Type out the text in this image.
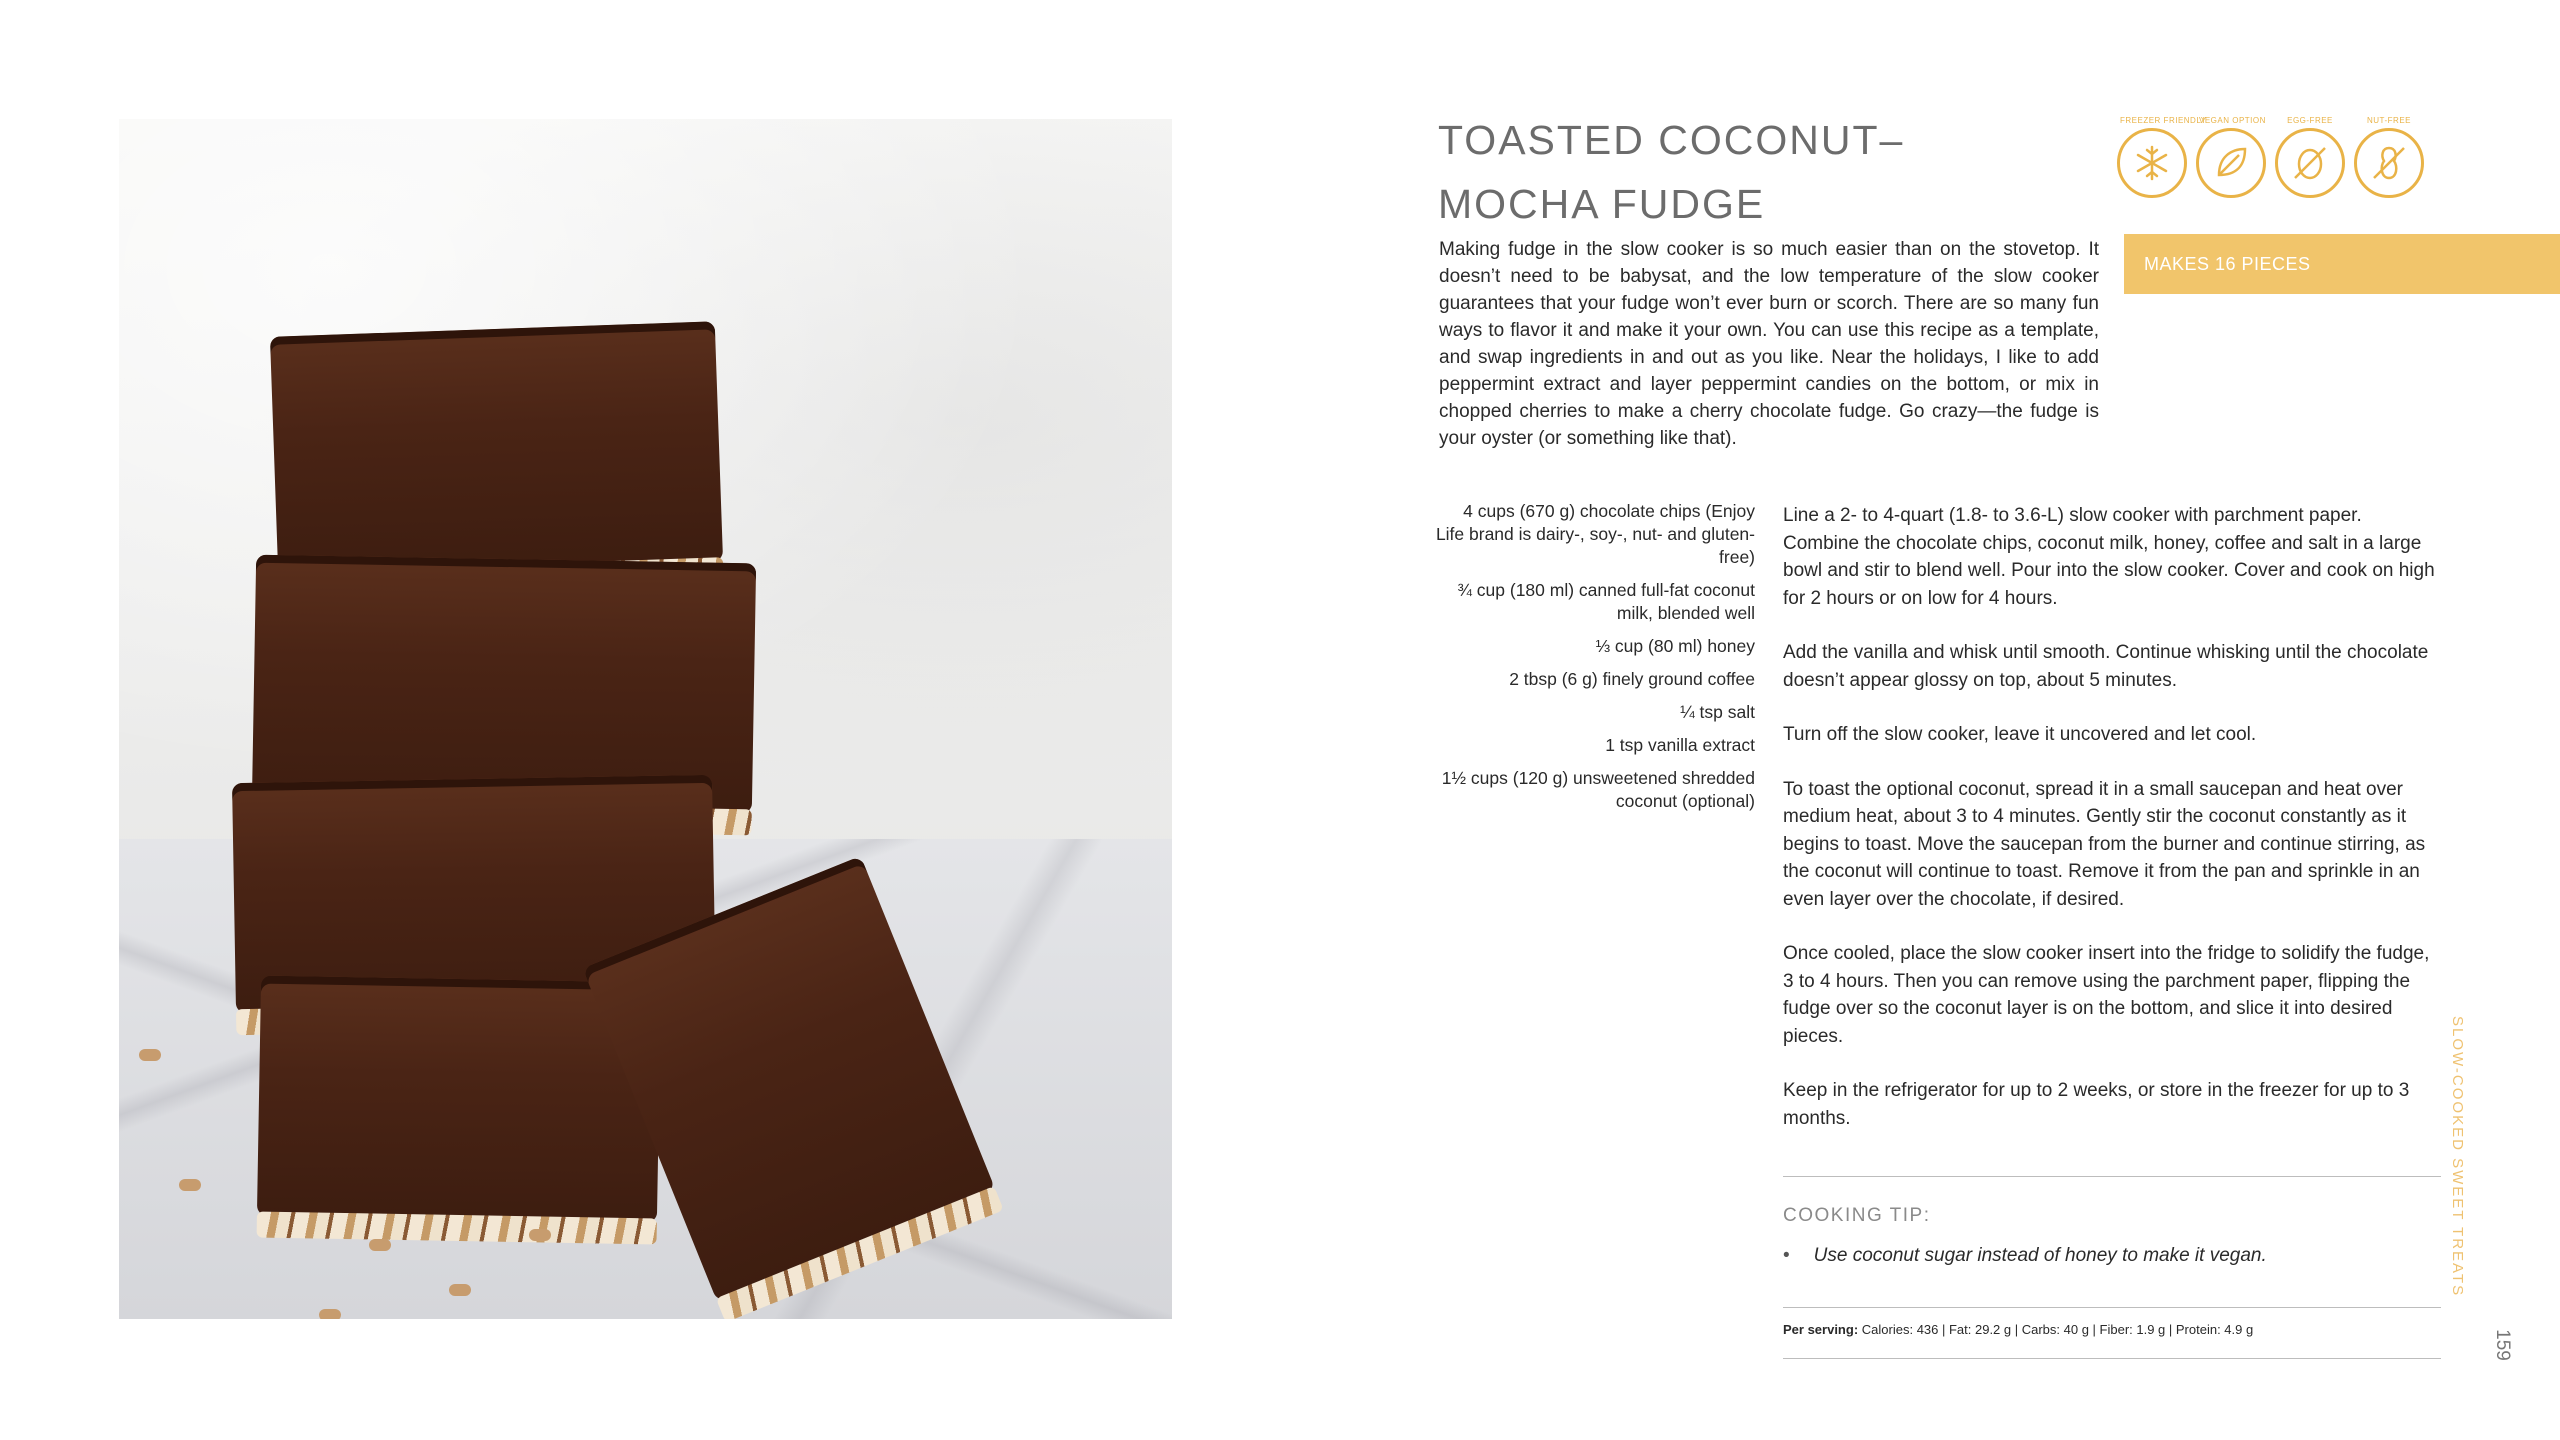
TOASTED COCONUT–
MOCHA FUDGE
FREEZER FRIENDLY
VEGAN OPTION	EGG-FREE	NUT-FREE
MAKES 16 PIECES

Making fudge in the slow cooker is so much easier than on the stovetop. It doesn’t need to be babysat, and the low temperature of the slow cooker guarantees that your fudge won’t ever burn or scorch. There are so many fun ways to flavor it and make it your own. You can use this recipe as a template, and swap ingredients in and out as you like. Near the holidays, I like to add peppermint extract and layer peppermint candies on the bottom, or mix in chopped cherries to make a cherry chocolate fudge. Go crazy—the fudge is your oyster (or something like that).

4 cups (670 g) chocolate chips (Enjoy Life brand is dairy-, soy-, nut- and gluten-free)
¾ cup (180 ml) canned full-fat coconut milk, blended well
⅓ cup (80 ml) honey
2 tbsp (6 g) finely ground coffee
¼ tsp salt
1 tsp vanilla extract
1½ cups (120 g) unsweetened shredded coconut (optional)

Line a 2- to 4-quart (1.8- to 3.6-L) slow cooker with parchment paper. Combine the chocolate chips, coconut milk, honey, coffee and salt in a large bowl and stir to blend well. Pour into the slow cooker. Cover and cook on high for 2 hours or on low for 4 hours.

Add the vanilla and whisk until smooth. Continue whisking until the chocolate doesn’t appear glossy on top, about 5 minutes.

Turn off the slow cooker, leave it uncovered and let cool.

To toast the optional coconut, spread it in a small saucepan and heat over medium heat, about 3 to 4 minutes. Gently stir the coconut constantly as it begins to toast. Move the saucepan from the burner and continue stirring, as the coconut will continue to toast. Remove it from the pan and sprinkle in an even layer over the chocolate, if desired.

Once cooled, place the slow cooker insert into the fridge to solidify the fudge, 3 to 4 hours. Then you can remove using the parchment paper, flipping the fudge over so the coconut layer is on the bottom, and slice it into desired pieces.

Keep in the refrigerator for up to 2 weeks, or store in the freezer for up to 3 months.

COOKING TIP:
• Use coconut sugar instead of honey to make it vegan.
Per serving: Calories: 436 | Fat: 29.2 g | Carbs: 40 g | Fiber: 1.9 g | Protein: 4.9 g
SLOW-COOKED SWEET TREATS
159
